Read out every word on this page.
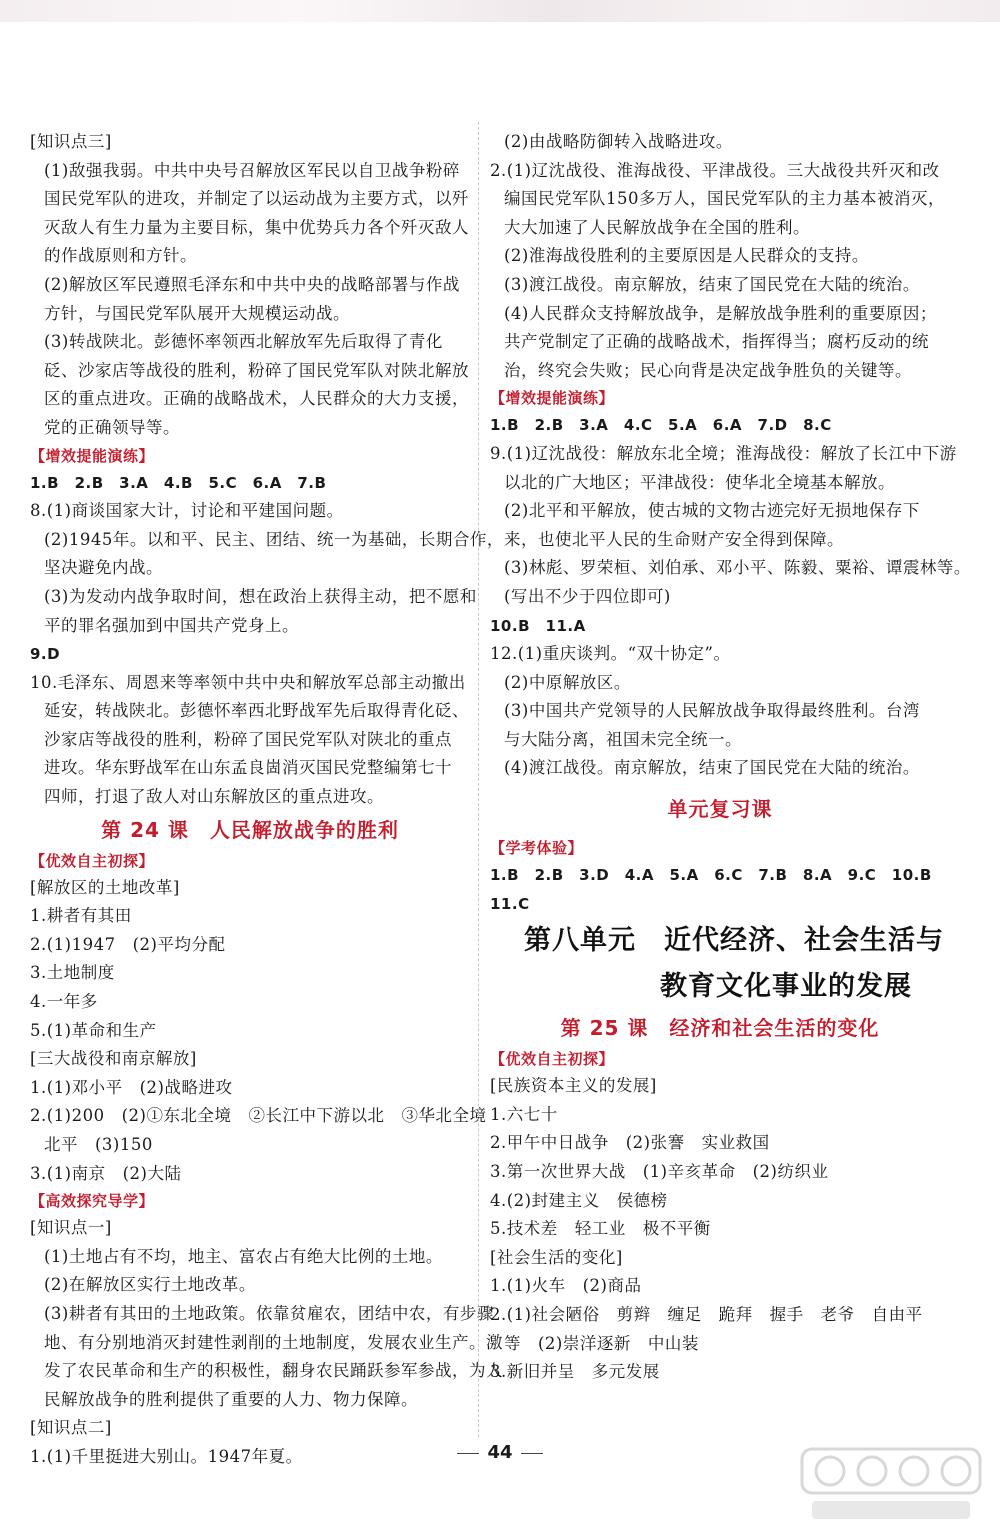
[知识点三]
(1)敌强我弱。中共中央号召解放区军民以自卫战争粉碎
国民党军队的进攻，并制定了以运动战为主要方式，以歼
灭敌人有生力量为主要目标，集中优势兵力各个歼灭敌人
的作战原则和方针。
(2)解放区军民遵照毛泽东和中共中央的战略部署与作战
方针，与国民党军队展开大规模运动战。
(3)转战陕北。彭德怀率领西北解放军先后取得了青化
砭、沙家店等战役的胜利，粉碎了国民党军队对陕北解放
区的重点进攻。正确的战略战术，人民群众的大力支援，
党的正确领导等。
【增效提能演练】
1.B　2.B　3.A　4.B　5.C　6.A　7.B
8.(1)商谈国家大计，讨论和平建国问题。
(2)1945年。以和平、民主、团结、统一为基础，长期合作，
坚决避免内战。
(3)为发动内战争取时间，想在政治上获得主动，把不愿和
平的罪名强加到中国共产党身上。
9.D
10.毛泽东、周恩来等率领中共中央和解放军总部主动撤出
延安，转战陕北。彭德怀率西北野战军先后取得青化砭、
沙家店等战役的胜利，粉碎了国民党军队对陕北的重点
进攻。华东野战军在山东孟良崮消灭国民党整编第七十
四师，打退了敌人对山东解放区的重点进攻。
第 24 课　人民解放战争的胜利
【优效自主初探】
[解放区的土地改革]
1.耕者有其田
2.(1)1947　(2)平均分配
3.土地制度
4.一年多
5.(1)革命和生产
[三大战役和南京解放]
1.(1)邓小平　(2)战略进攻
2.(1)200　(2)①东北全境　②长江中下游以北　③华北全境
北平　(3)150
3.(1)南京　(2)大陆
【高效探究导学】
[知识点一]
(1)土地占有不均，地主、富农占有绝大比例的土地。
(2)在解放区实行土地改革。
(3)耕者有其田的土地政策。依靠贫雇农，团结中农，有步骤
地、有分别地消灭封建性剥削的土地制度，发展农业生产。激
发了农民革命和生产的积极性，翻身农民踊跃参军参战，为人
民解放战争的胜利提供了重要的人力、物力保障。
[知识点二]
1.(1)千里挺进大别山。1947年夏。
(2)由战略防御转入战略进攻。
2.(1)辽沈战役、淮海战役、平津战役。三大战役共歼灭和改
编国民党军队150多万人，国民党军队的主力基本被消灭，
大大加速了人民解放战争在全国的胜利。
(2)淮海战役胜利的主要原因是人民群众的支持。
(3)渡江战役。南京解放，结束了国民党在大陆的统治。
(4)人民群众支持解放战争，是解放战争胜利的重要原因；
共产党制定了正确的战略战术，指挥得当；腐朽反动的统
治，终究会失败；民心向背是决定战争胜负的关键等。
【增效提能演练】
1.B　2.B　3.A　4.C　5.A　6.A　7.D　8.C
9.(1)辽沈战役：解放东北全境；淮海战役：解放了长江中下游
以北的广大地区；平津战役：使华北全境基本解放。
(2)北平和平解放，使古城的文物古迹完好无损地保存下
来，也使北平人民的生命财产安全得到保障。
(3)林彪、罗荣桓、刘伯承、邓小平、陈毅、粟裕、谭震林等。
(写出不少于四位即可)
10.B　11.A
12.(1)重庆谈判。“双十协定”。
(2)中原解放区。
(3)中国共产党领导的人民解放战争取得最终胜利。台湾
与大陆分离，祖国未完全统一。
(4)渡江战役。南京解放，结束了国民党在大陆的统治。
单元复习课
【学考体验】
1.B　2.B　3.D　4.A　5.A　6.C　7.B　8.A　9.C　10.B
11.C
第八单元　近代经济、社会生活与
教育文化事业的发展
第 25 课　经济和社会生活的变化
【优效自主初探】
[民族资本主义的发展]
1.六七十
2.甲午中日战争　(2)张謇　实业救国
3.第一次世界大战　(1)辛亥革命　(2)纺织业
4.(2)封建主义　侯德榜
5.技术差　轻工业　极不平衡
[社会生活的变化]
1.(1)火车　(2)商品
2.(1)社会陋俗　剪辫　缠足　跪拜　握手　老爷　自由平
等　(2)崇洋逐新　中山装
3.新旧并呈　多元发展
44
